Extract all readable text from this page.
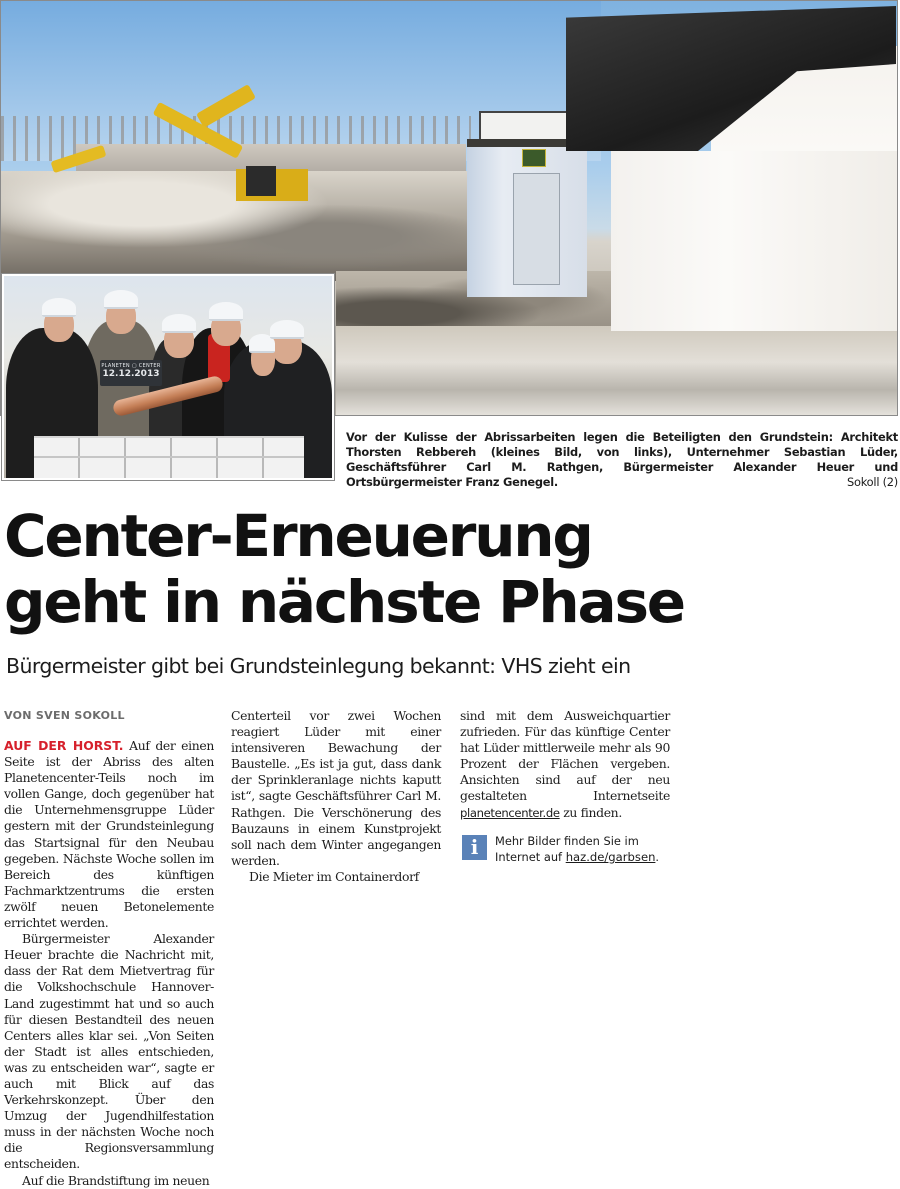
PLANETEN ▢ CENTER
12.12.2013
Vor der Kulisse der Abrissarbeiten legen die Beteiligten den Grundstein: Architekt Thorsten Rebbereh (kleines Bild, von links), Unternehmer Sebastian Lüder, Geschäftsführer Carl M. Rathgen, Bürgermeister Alexander Heuer und Ortsbürgermeister Franz Genegel.	Sokoll (2)
Center-Erneuerung
geht in nächste Phase
Bürgermeister gibt bei Grundsteinlegung bekannt: VHS zieht ein
VON SVEN SOKOLL

AUF DER HORST. Auf der einen Seite ist der Abriss des alten Planetencenter-Teils noch im vollen Gange, doch gegenüber hat die Unternehmensgruppe Lüder gestern mit der Grundsteinlegung das Startsignal für den Neubau gegeben. Nächste Woche sollen im Bereich des künftigen Fachmarktzentrums die ersten zwölf neuen Betonelemente errichtet werden.

Bürgermeister Alexander Heuer brachte die Nachricht mit, dass der Rat dem Mietvertrag für die Volkshochschule Hannover-Land zugestimmt hat und so auch für diesen Bestandteil des neuen Centers alles klar sei. „Von Seiten der Stadt ist alles entschieden, was zu entscheiden war“, sagte er auch mit Blick auf das Verkehrskonzept. Über den Umzug der Jugendhilfestation muss in der nächsten Woche noch die Regionsversammlung entscheiden.

Auf die Brandstiftung im neuen

Centerteil vor zwei Wochen reagiert Lüder mit einer intensiveren Bewachung der Baustelle. „Es ist ja gut, dass dank der Sprinkleranlage nichts kaputt ist“, sagte Geschäftsführer Carl M. Rathgen. Die Verschönerung des Bauzauns in einem Kunstprojekt soll nach dem Winter angegangen werden.

Die Mieter im Containerdorf

sind mit dem Ausweichquartier zufrieden. Für das künftige Center hat Lüder mittlerweile mehr als 90 Prozent der Flächen vergeben. Ansichten sind auf der neu gestalteten Internetseite planetencenter.de zu finden.

i	Mehr Bilder finden Sie im Internet auf haz.de/garbsen.
